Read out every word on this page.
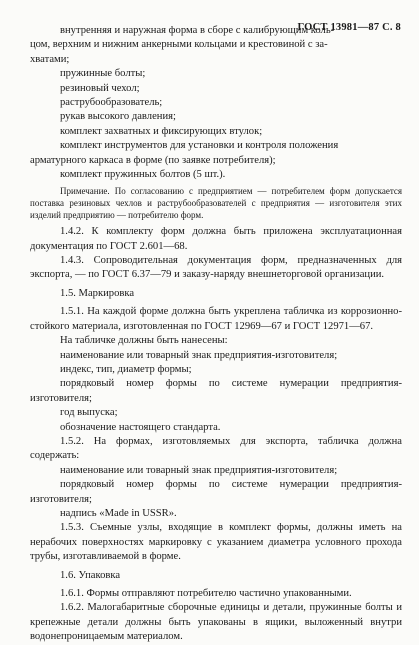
ГОСТ 13981—87 С. 8

внутренняя и наружная форма в сборе с калибрующим коль-

цом, верхним и нижним анкерными кольцами и крестовиной с за-

хватами;

пружинные болты;

резиновый чехол;

раструбообразователь;

рукав высокого давления;

комплект захватных и фиксирующих втулок;

комплект инструментов для установки и контроля положения

арматурного каркаса в форме (по заявке потребителя);

комплект пружинных болтов (5 шт.).

Примечание. По согласованию с предприятием — потребителем форм допускается поставка резиновых чехлов и раструбообразователей с предприятия — изготовителя этих изделий предприятию — потребителю форм.

1.4.2. К комплекту форм должна быть приложена эксплуатационная документация по ГОСТ 2.601—68.

1.4.3. Сопроводительная документация форм, предназначенных для экспорта, — по ГОСТ 6.37—79 и заказу-наряду внешнеторговой организации.

1.5. Маркировка

1.5.1. На каждой форме должна быть укреплена табличка из коррозионно-стойкого материала, изготовленная по ГОСТ 12969—67 и ГОСТ 12971—67.

На табличке должны быть нанесены:

наименование или товарный знак предприятия-изготовителя;

индекс, тип, диаметр формы;

порядковый номер формы по системе нумерации предприятия-изготовителя;

год выпуска;

обозначение настоящего стандарта.

1.5.2. На формах, изготовляемых для экспорта, табличка должна содержать:

наименование или товарный знак предприятия-изготовителя;

порядковый номер формы по системе нумерации предприятия-изготовителя;

надпись «Made in USSR».

1.5.3. Съемные узлы, входящие в комплект формы, должны иметь на нерабочих поверхностях маркировку с указанием диаметра условного прохода трубы, изготавливаемой в форме.

1.6. Упаковка

1.6.1. Формы отправляют потребителю частично упакованными.

1.6.2. Малогабаритные сборочные единицы и детали, пружинные болты и крепежные детали должны быть упакованы в ящики, выложенный внутри водонепроницаемым материалом.
